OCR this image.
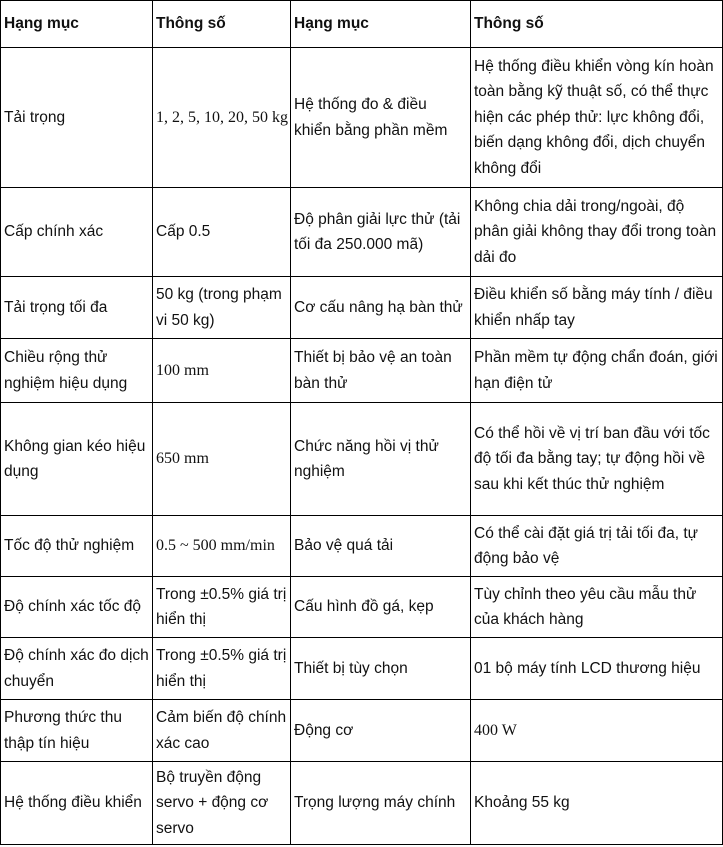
Hạng mục	Thông số	Hạng mục	Thông số
Tải trọng	1, 2, 5, 10, 20, 50 kg	Hệ thống đo & điều khiển bằng phần mềm	Hệ thống điều khiển vòng kín hoàn toàn bằng kỹ thuật số, có thể thực hiện các phép thử: lực không đổi, biến dạng không đổi, dịch chuyển không đổi
Cấp chính xác	Cấp 0.5	Độ phân giải lực thử (tải tối đa 250.000 mã)	Không chia dải trong/ngoài, độ phân giải không thay đổi trong toàn dải đo
Tải trọng tối đa	50 kg (trong phạm vi 50 kg)	Cơ cấu nâng hạ bàn thử	Điều khiển số bằng máy tính / điều khiển nhấp tay
Chiều rộng thử nghiệm hiệu dụng	100 mm	Thiết bị bảo vệ an toàn bàn thử	Phần mềm tự động chẩn đoán, giới hạn điện tử
Không gian kéo hiệu dụng	650 mm	Chức năng hồi vị thử nghiệm	Có thể hồi về vị trí ban đầu với tốc độ tối đa bằng tay; tự động hồi về sau khi kết thúc thử nghiệm
Tốc độ thử nghiệm	0.5 ~ 500 mm/min	Bảo vệ quá tải	Có thể cài đặt giá trị tải tối đa, tự động bảo vệ
Độ chính xác tốc độ	Trong ±0.5% giá trị hiển thị	Cấu hình đồ gá, kẹp	Tùy chỉnh theo yêu cầu mẫu thử của khách hàng
Độ chính xác đo dịch chuyển	Trong ±0.5% giá trị hiển thị	Thiết bị tùy chọn	01 bộ máy tính LCD thương hiệu
Phương thức thu thập tín hiệu	Cảm biến độ chính xác cao	Động cơ	400 W
Hệ thống điều khiển	Bộ truyền động servo + động cơ servo	Trọng lượng máy chính	Khoảng 55 kg
